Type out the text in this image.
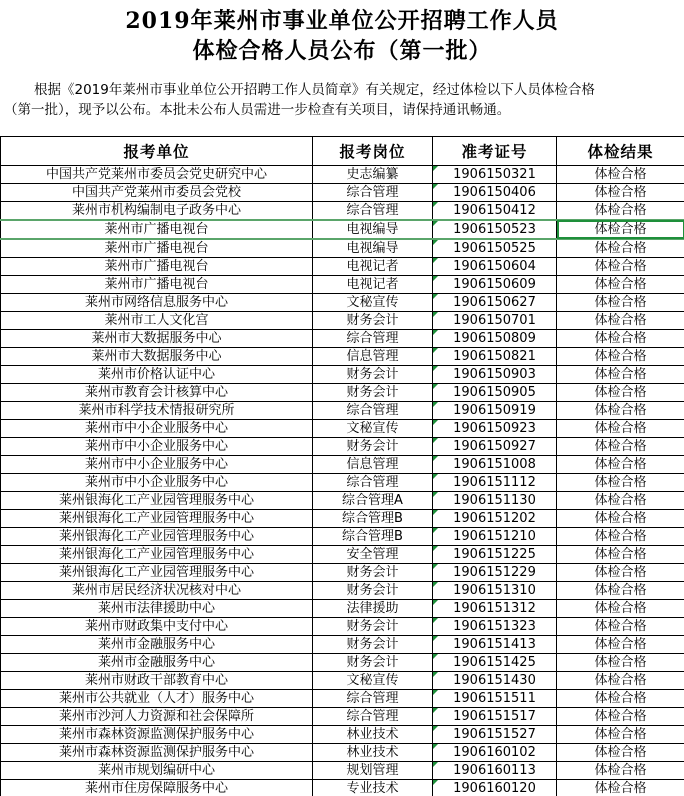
2019年莱州市事业单位公开招聘工作人员
体检合格人员公布（第一批）
根据《2019年莱州市事业单位公开招聘工作人员简章》有关规定，经过体检以下人员体检合格
（第一批），现予以公布。本批未公布人员需进一步检查有关项目，请保持通讯畅通。
报考单位	报考岗位	准考证号	体检结果
中国共产党莱州市委员会党史研究中心	史志编纂	1906150321	体检合格
中国共产党莱州市委员会党校	综合管理	1906150406	体检合格
莱州市机构编制电子政务中心	综合管理	1906150412	体检合格
莱州市广播电视台	电视编导	1906150523	体检合格
莱州市广播电视台	电视编导	1906150525	体检合格
莱州市广播电视台	电视记者	1906150604	体检合格
莱州市广播电视台	电视记者	1906150609	体检合格
莱州市网络信息服务中心	文秘宣传	1906150627	体检合格
莱州市工人文化宫	财务会计	1906150701	体检合格
莱州市大数据服务中心	综合管理	1906150809	体检合格
莱州市大数据服务中心	信息管理	1906150821	体检合格
莱州市价格认证中心	财务会计	1906150903	体检合格
莱州市教育会计核算中心	财务会计	1906150905	体检合格
莱州市科学技术情报研究所	综合管理	1906150919	体检合格
莱州市中小企业服务中心	文秘宣传	1906150923	体检合格
莱州市中小企业服务中心	财务会计	1906150927	体检合格
莱州市中小企业服务中心	信息管理	1906151008	体检合格
莱州市中小企业服务中心	综合管理	1906151112	体检合格
莱州银海化工产业园管理服务中心	综合管理A	1906151130	体检合格
莱州银海化工产业园管理服务中心	综合管理B	1906151202	体检合格
莱州银海化工产业园管理服务中心	综合管理B	1906151210	体检合格
莱州银海化工产业园管理服务中心	安全管理	1906151225	体检合格
莱州银海化工产业园管理服务中心	财务会计	1906151229	体检合格
莱州市居民经济状况核对中心	财务会计	1906151310	体检合格
莱州市法律援助中心	法律援助	1906151312	体检合格
莱州市财政集中支付中心	财务会计	1906151323	体检合格
莱州市金融服务中心	财务会计	1906151413	体检合格
莱州市金融服务中心	财务会计	1906151425	体检合格
莱州市财政干部教育中心	文秘宣传	1906151430	体检合格
莱州市公共就业（人才）服务中心	综合管理	1906151511	体检合格
莱州市沙河人力资源和社会保障所	综合管理	1906151517	体检合格
莱州市森林资源监测保护服务中心	林业技术	1906151527	体检合格
莱州市森林资源监测保护服务中心	林业技术	1906160102	体检合格
莱州市规划编研中心	规划管理	1906160113	体检合格
莱州市住房保障服务中心	专业技术	1906160120	体检合格
